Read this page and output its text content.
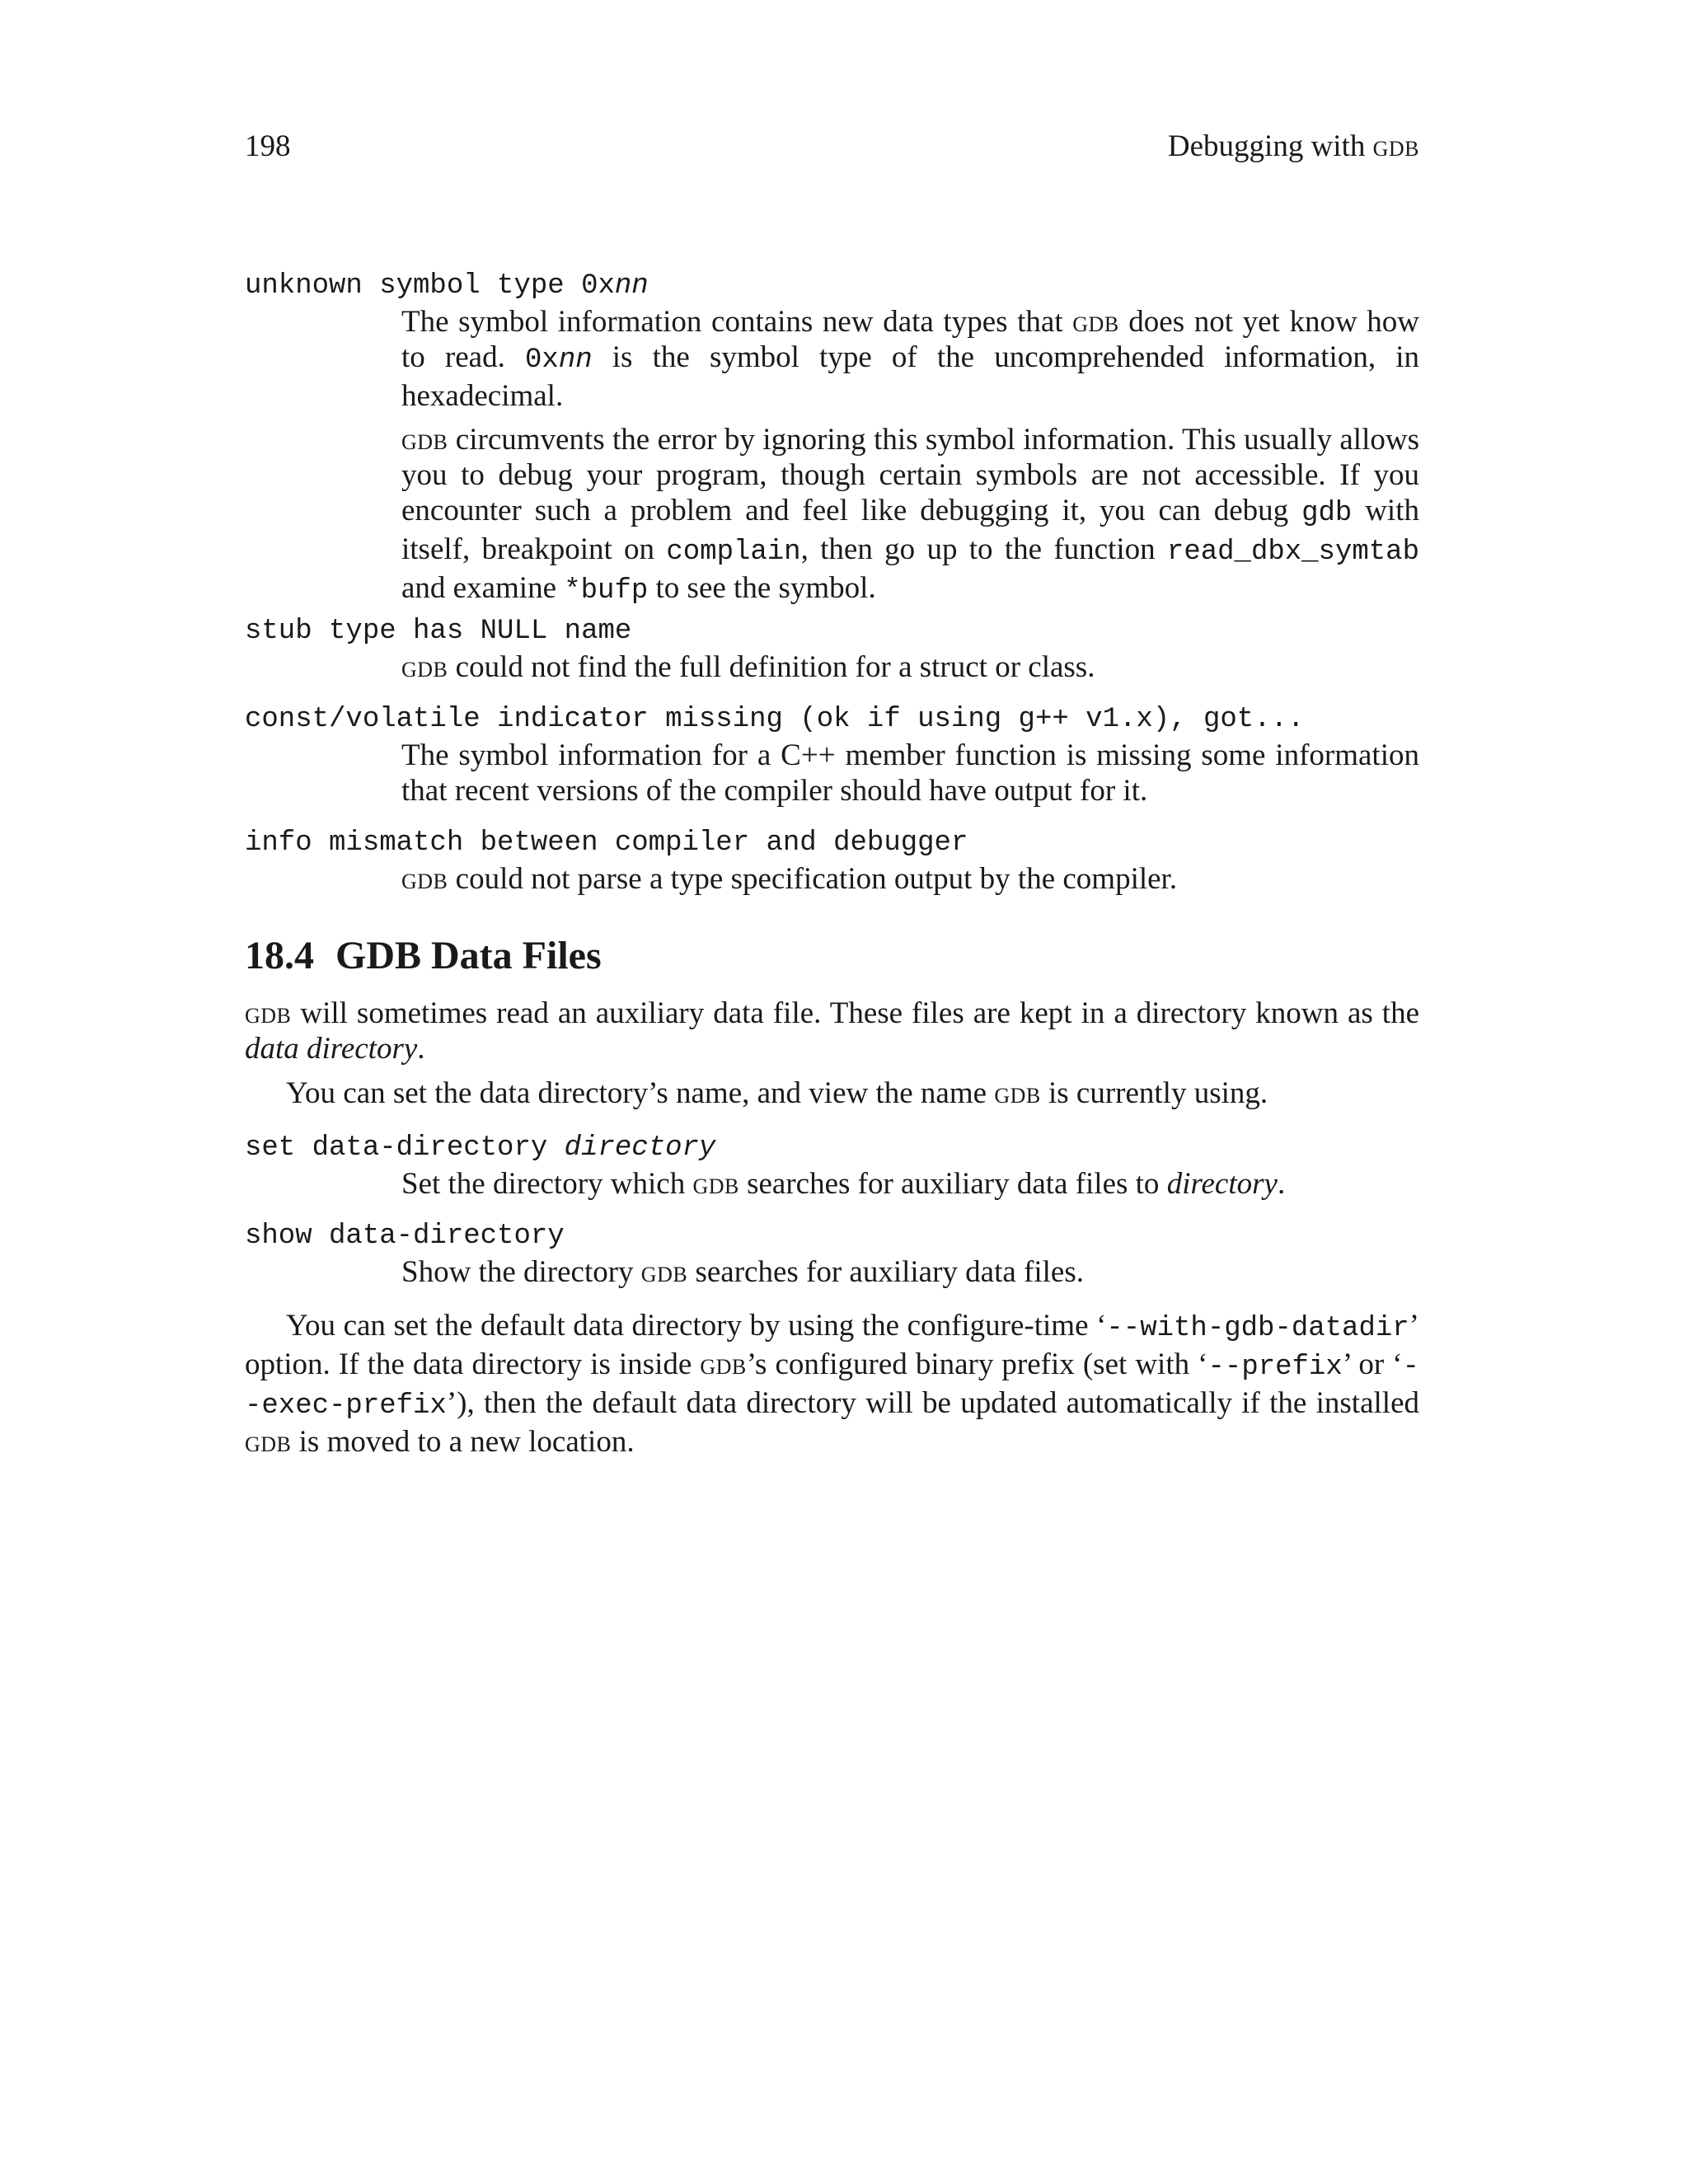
198	Debugging with gdb
unknown symbol type 0xnn

The symbol information contains new data types that gdb does not yet know how to read. 0xnn is the symbol type of the uncomprehended information, in hexadecimal.

gdb circumvents the error by ignoring this symbol information. This usually allows you to debug your program, though certain symbols are not accessible. If you encounter such a problem and feel like debugging it, you can debug gdb with itself, breakpoint on complain, then go up to the function read_dbx_symtab and examine *bufp to see the symbol.

stub type has NULL name
gdb could not find the full definition for a struct or class.
const/volatile indicator missing (ok if using g++ v1.x), got...
The symbol information for a C++ member function is missing some information that recent versions of the compiler should have output for it.
info mismatch between compiler and debugger
gdb could not parse a type specification output by the compiler.
18.4 GDB Data Files

gdb will sometimes read an auxiliary data file. These files are kept in a directory known as the data directory.

You can set the data directory’s name, and view the name gdb is currently using.

set data-directory directory
Set the directory which gdb searches for auxiliary data files to directory.
show data-directory
Show the directory gdb searches for auxiliary data files.

You can set the default data directory by using the configure-time ‘--with-gdb-datadir’ option. If the data directory is inside gdb’s configured binary prefix (set with ‘--prefix’ or ‘--exec-prefix’), then the default data directory will be updated automatically if the installed gdb is moved to a new location.
